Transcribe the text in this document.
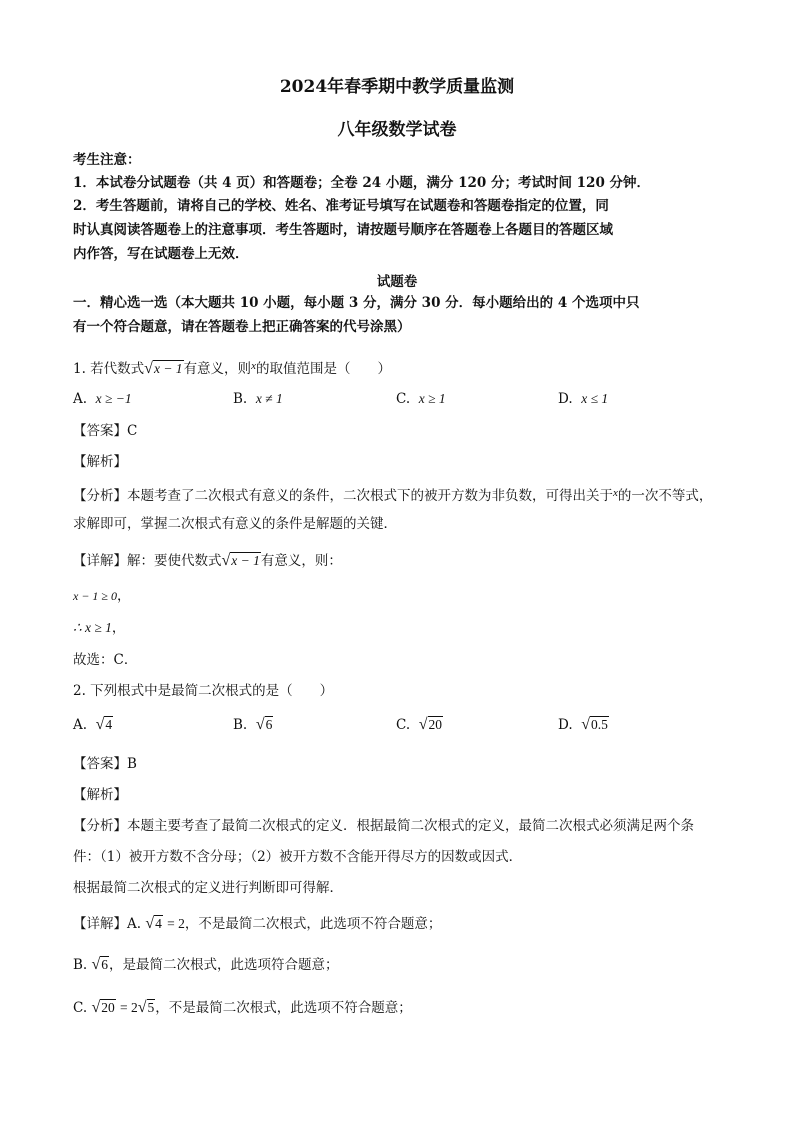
2024年春季期中教学质量监测
八年级数学试卷
考生注意：
1．本试卷分试题卷（共 4 页）和答题卷；全卷 24 小题，满分 120 分；考试时间 120 分钟．
2．考生答题前，请将自己的学校、姓名、准考证号填写在试题卷和答题卷指定的位置，同
时认真阅读答题卷上的注意事项．考生答题时，请按题号顺序在答题卷上各题目的答题区域
内作答，写在试题卷上无效．
试题卷
一．精心选一选（本大题共 10 小题，每小题 3 分，满分 30 分．每小题给出的 4 个选项中只
有一个符合题意，请在答题卷上把正确答案的代号涂黑）
1. 若代数式√x − 1有意义，则$^x$的取值范围是（　　）
A. x ≥ −1	B. x ≠ 1	C. x ≥ 1	D. x ≤ 1
【答案】C
【解析】
【分析】本题考查了二次根式有意义的条件，二次根式下的被开方数为非负数，可得出关于$^x$的一次不等式，
求解即可，掌握二次根式有意义的条件是解题的关键．
【详解】解：要使代数式√x − 1有意义，则：
x − 1 ≥ 0，
∴ x ≥ 1，
故选：C．
2. 下列根式中是最简二次根式的是（　　）
A. √4	B. √6	C. √20	D. √0.5
【答案】B
【解析】
【分析】本题主要考查了最简二次根式的定义．根据最简二次根式的定义，最简二次根式必须满足两个条
件：（1）被开方数不含分母；（2）被开方数不含能开得尽方的因数或因式．
根据最简二次根式的定义进行判断即可得解．
【详解】A. √4 = 2，不是最简二次根式，此选项不符合题意；
B. √6，是最简二次根式，此选项符合题意；
C. √20 = 2√5，不是最简二次根式，此选项不符合题意；
